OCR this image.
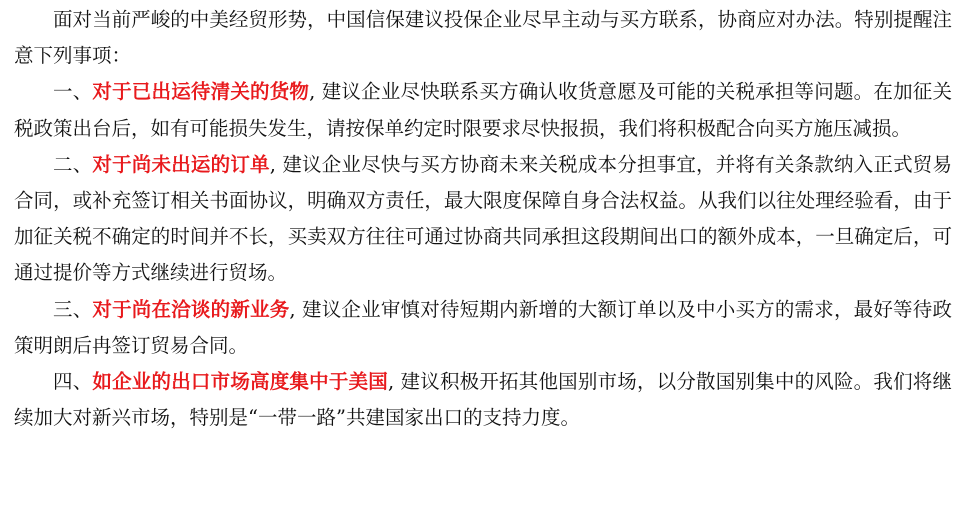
面对当前严峻的中美经贸形势，中国信保建议投保企业尽早主动与买方联系，协商应对办法。特别提醒注意下列事项：

一、对于已出运待清关的货物, 建议企业尽快联系买方确认收货意愿及可能的关税承担等问题。在加征关税政策出台后，如有可能损失发生，请按保单约定时限要求尽快报损，我们将积极配合向买方施压减损。

二、对于尚未出运的订单, 建议企业尽快与买方协商未来关税成本分担事宜，并将有关条款纳入正式贸易合同，或补充签订相关书面协议，明确双方责任，最大限度保障自身合法权益。从我们以往处理经验看，由于加征关税不确定的时间并不长，买卖双方往往可通过协商共同承担这段期间出口的额外成本，一旦确定后，可通过提价等方式继续进行贸场。

三、对于尚在洽谈的新业务, 建议企业审慎对待短期内新增的大额订单以及中小买方的需求，最好等待政策明朗后冉签订贸易合同。

四、如企业的出口市场高度集中于美国, 建议积极开拓其他国别市场，以分散国别集中的风险。我们将继续加大对新兴市场，特别是“一带一路”共建国家出口的支持力度。
